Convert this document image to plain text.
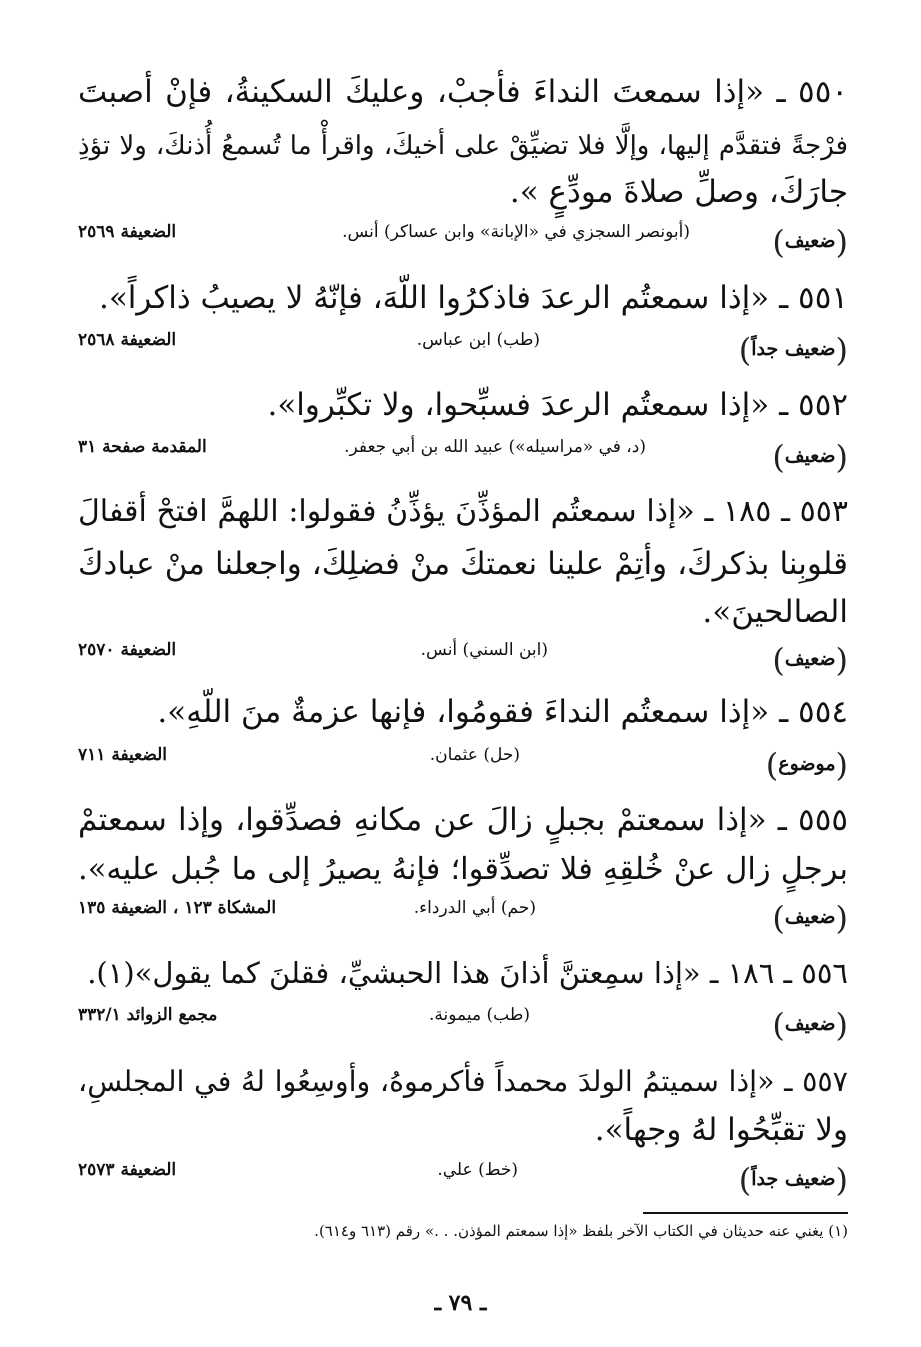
٥٥٠ ـ «إذا سمعتَ النداءَ فأجبْ، وعليكَ السكينةُ، فإنْ أصبتَ
فرْجةً فتقدَّم إليها، وإلَّا فلا تضيِّقْ على أخيكَ، واقرأْ ما تُسمعُ أُذنكَ، ولا تؤذِ
جارَكَ، وصلِّ صلاةَ مودِّعٍ ».
(ضعيف)
(أبونصر السجزي في «الإبانة» وابن عساكر) أنس.
الضعيفة ٢٥٦٩
٥٥١ ـ «إذا سمعتُم الرعدَ فاذكرُوا اللّهَ، فإنّهُ لا يصيبُ ذاكراً».
(ضعيف جداً)
(طب) ابن عباس.
الضعيفة ٢٥٦٨
٥٥٢ ـ «إذا سمعتُم الرعدَ فسبِّحوا، ولا تكبِّروا».
(ضعيف)
(د، في «مراسيله») عبيد الله بن أبي جعفر.
المقدمة صفحة ٣١
٥٥٣ ـ ١٨٥ ـ «إذا سمعتُم المؤذِّنَ يؤذِّنُ فقولوا: اللهمَّ افتحْ أقفالَ
قلوبِنا بذكركَ، وأتِمْ علينا نعمتكَ منْ فضلِكَ، واجعلنا منْ عبادكَ
الصالحينَ».
(ضعيف)
(ابن السني) أنس.
الضعيفة ٢٥٧٠
٥٥٤ ـ «إذا سمعتُم النداءَ فقومُوا، فإنها عزمةٌ منَ اللّهِ».
(موضوع)
(حل) عثمان.
الضعيفة ٧١١
٥٥٥ ـ «إذا سمعتمْ بجبلٍ زالَ عن مكانهِ فصدِّقوا، وإذا سمعتمْ
برجلٍ زال عنْ خُلقِهِ فلا تصدِّقوا؛ فإنهُ يصيرُ إلى ما جُبل عليه».
(ضعيف)
(حم) أبي الدرداء.
المشكاة ١٢٣ ، الضعيفة ١٣٥
٥٥٦ ـ ١٨٦ ـ «إذا سمِعتنَّ أذانَ هذا الحبشيِّ، فقلنَ كما يقول»(١).
(ضعيف)
(طب) ميمونة.
مجمع الزوائد ٣٣٢/١
٥٥٧ ـ «إذا سميتمُ الولدَ محمداً فأكرموهُ، وأوسِعُوا لهُ في المجلسِ،
ولا تقبِّحُوا لهُ وجهاً».
(ضعيف جداً)
(خط) علي.
الضعيفة ٢٥٧٣
(١) يغني عنه حديثان في الكتاب الآخر بلفظ «إذا سمعتم المؤذن. . .» رقم (٦١٣ و٦١٤).
ـ ٧٩ ـ
